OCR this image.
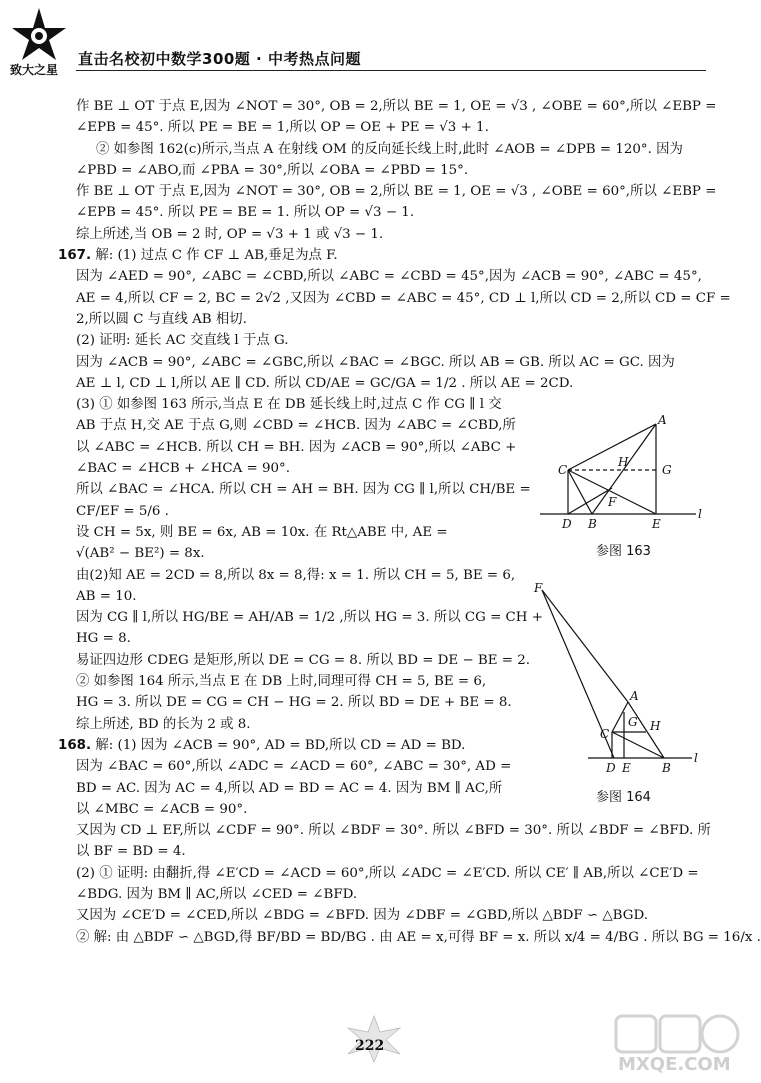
致大之星
直击名校初中数学300题 · 中考热点问题
作 BE ⊥ OT 于点 E,因为 ∠NOT = 30°, OB = 2,所以 BE = 1, OE = √3 , ∠OBE = 60°,所以 ∠EBP =
∠EPB = 45°. 所以 PE = BE = 1,所以 OP = OE + PE = √3 + 1.
② 如参图 162(c)所示,当点 A 在射线 OM 的反向延长线上时,此时 ∠AOB = ∠DPB = 120°. 因为
∠PBD = ∠ABO,而 ∠PBA = 30°,所以 ∠OBA = ∠PBD = 15°.
作 BE ⊥ OT 于点 E,因为 ∠NOT = 30°, OB = 2,所以 BE = 1, OE = √3 , ∠OBE = 60°,所以 ∠EBP =
∠EPB = 45°. 所以 PE = BE = 1. 所以 OP = √3 − 1.
综上所述,当 OB = 2 时, OP = √3 + 1 或 √3 − 1.
167. 解: (1) 过点 C 作 CF ⊥ AB,垂足为点 F.
因为 ∠AED = 90°, ∠ABC = ∠CBD,所以 ∠ABC = ∠CBD = 45°,因为 ∠ACB = 90°, ∠ABC = 45°,
AE = 4,所以 CF = 2, BC = 2√2 ,又因为 ∠CBD = ∠ABC = 45°, CD ⊥ l,所以 CD = 2,所以 CD = CF =
2,所以圆 C 与直线 AB 相切.
(2) 证明: 延长 AC 交直线 l 于点 G.
因为 ∠ACB = 90°, ∠ABC = ∠GBC,所以 ∠BAC = ∠BGC. 所以 AB = GB. 所以 AC = GC. 因为
AE ⊥ l, CD ⊥ l,所以 AE ∥ CD. 所以 CD/AE = GC/GA = 1/2 . 所以 AE = 2CD.
(3) ① 如参图 163 所示,当点 E 在 DB 延长线上时,过点 C 作 CG ∥ l 交
AB 于点 H,交 AE 于点 G,则 ∠CBD = ∠HCB. 因为 ∠ABC = ∠CBD,所
以 ∠ABC = ∠HCB. 所以 CH = BH. 因为 ∠ACB = 90°,所以 ∠ABC +
∠BAC = ∠HCB + ∠HCA = 90°.
所以 ∠BAC = ∠HCA. 所以 CH = AH = BH. 因为 CG ∥ l,所以 CH/BE =
CF/EF = 5/6 .
设 CH = 5x, 则 BE = 6x, AB = 10x. 在 Rt△ABE 中, AE =
√(AB² − BE²) = 8x.
由(2)知 AE = 2CD = 8,所以 8x = 8,得: x = 1. 所以 CH = 5, BE = 6,
AB = 10.
因为 CG ∥ l,所以 HG/BE = AH/AB = 1/2 ,所以 HG = 3. 所以 CG = CH +
HG = 8.
易证四边形 CDEG 是矩形,所以 DE = CG = 8. 所以 BD = DE − BE = 2.
② 如参图 164 所示,当点 E 在 DB 上时,同理可得 CH = 5, BE = 6,
HG = 3. 所以 DE = CG = CH − HG = 2. 所以 BD = DE + BE = 8.
综上所述, BD 的长为 2 或 8.
168. 解: (1) 因为 ∠ACB = 90°, AD = BD,所以 CD = AD = BD.
因为 ∠BAC = 60°,所以 ∠ADC = ∠ACD = 60°, ∠ABC = 30°, AD =
BD = AC. 因为 AC = 4,所以 AD = BD = AC = 4. 因为 BM ∥ AC,所
以 ∠MBC = ∠ACB = 90°.
又因为 CD ⊥ EF,所以 ∠CDF = 90°. 所以 ∠BDF = 30°. 所以 ∠BFD = 30°. 所以 ∠BDF = ∠BFD. 所
以 BF = BD = 4.
(2) ① 证明: 由翻折,得 ∠E′CD = ∠ACD = 60°,所以 ∠ADC = ∠E′CD. 所以 CE′ ∥ AB,所以 ∠CE′D =
∠BDG. 因为 BM ∥ AC,所以 ∠CED = ∠BFD.
又因为 ∠CE′D = ∠CED,所以 ∠BDG = ∠BFD. 因为 ∠DBF = ∠GBD,所以 △BDF ∽ △BGD.
② 解: 由 △BDF ∽ △BGD,得 BF/BD = BD/BG . 由 AE = x,可得 BF = x. 所以 x/4 = 4/BG . 所以 BG = 16/x .
A
C
H
G
F
D B	E
l
参图 163
F
A
G H
C
D E	B
l
参图 164
222
MXQE.COM
